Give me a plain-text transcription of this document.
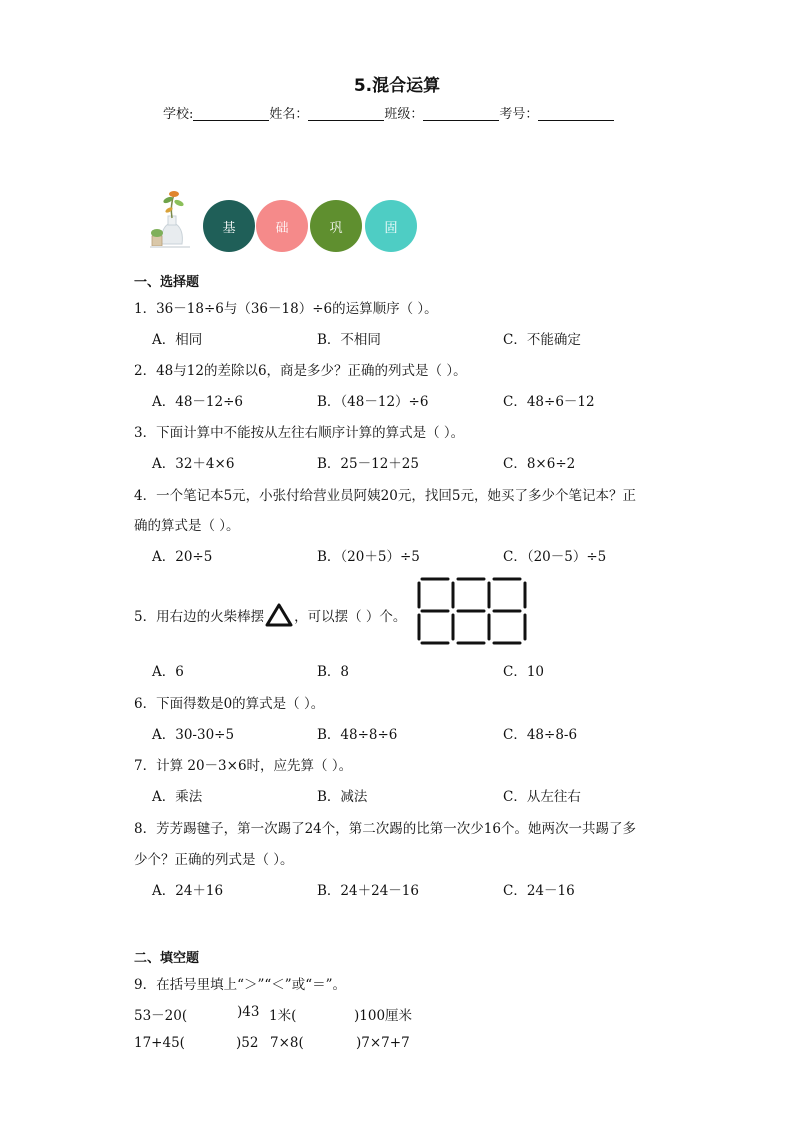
5.混合运算
学校:	姓名：	班级：	考号：
基	础	巩	固
一、选择题
1．36－18÷6与（36－18）÷6的运算顺序（ ）。
A．相同	B．不相同	C．不能确定
2．48与12的差除以6，商是多少？正确的列式是（ ）。
A．48－12÷6	B．（48－12）÷6	C．48÷6－12
3．下面计算中不能按从左往右顺序计算的算式是（ ）。
A．32＋4×6	B．25－12＋25	C．8×6÷2
4．一个笔记本5元，小张付给营业员阿姨20元，找回5元，她买了多少个笔记本？正
确的算式是（ ）。
A．20÷5	B．（20＋5）÷5	C．（20－5）÷5
5．用右边的火柴棒摆 ，可以摆（ ）个。
A．6	B．8	C．10
6．下面得数是0的算式是（ ）。
A．30-30÷5	B．48÷8÷6	C．48÷8-6
7．计算 20－3×6时，应先算（ ）。
A．乘法	B．减法	C．从左往右
8．芳芳踢毽子，第一次踢了24个，第二次踢的比第一次少16个。她两次一共踢了多
少个？正确的列式是（ ）。
A．24＋16	B．24＋24－16	C．24－16
二、填空题
9．在括号里填上“＞”“＜”或“＝”。
53－20(	)43 1米(	)100厘米
17+45(	)52 7×8(	)7×7+7
